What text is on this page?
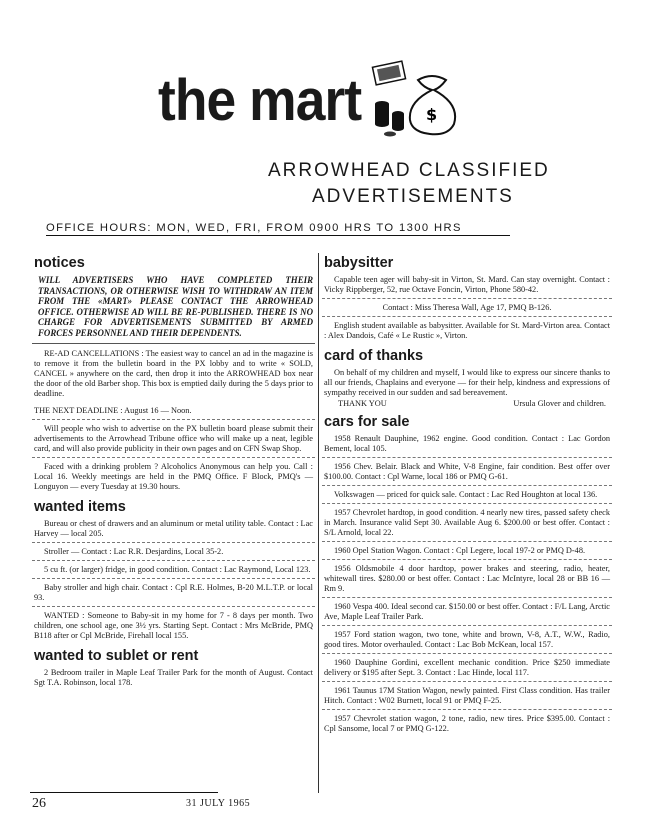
the mart	$
ARROWHEAD CLASSIFIED
ADVERTISEMENTS
OFFICE HOURS: MON, WED, FRI, FROM 0900 HRS TO 1300 HRS
notices
WILL ADVERTISERS WHO HAVE COMPLETED THEIR TRANSACTIONS, OR OTHERWISE WISH TO WITHDRAW AN ITEM FROM THE «MART» PLEASE CONTACT THE ARROWHEAD OFFICE. OTHERWISE AD WILL BE RE-PUBLISHED. THERE IS NO CHARGE FOR ADVERTISEMENTS SUBMITTED BY ARMED FORCES PERSONNEL AND THEIR DEPENDENTS.
RE-AD CANCELLATIONS : The easiest way to cancel an ad in the magazine is to remove it from the bulletin board in the PX lobby and to write « SOLD, CANCEL » anywhere on the card, then drop it into the ARROWHEAD box near the door of the old Barber shop. This box is emptied daily during the 5 days prior to deadline.
THE NEXT DEADLINE : August 16 — Noon.
Will people who wish to advertise on the PX bulletin board please submit their advertisements to the Arrowhead Tribune office who will make up a neat, legible card, and will also provide publicity in their own pages and on CFN Swap Shop.
Faced with a drinking problem ? Alcoholics Anonymous can help you. Call : Local 16. Weekly meetings are held in the PMQ Office. F Block, PMQ's — Longuyon — every Tuesday at 19.30 hours.
wanted items
Bureau or chest of drawers and an aluminum or metal utility table. Contact : Lac Harvey — local 205.
Stroller — Contact : Lac R.R. Desjardins, Local 35-2.
5 cu ft. (or larger) fridge, in good condition. Contact : Lac Raymond, Local 123.
Baby stroller and high chair. Contact : Cpl R.E. Holmes, B-20 M.L.T.P. or local 93.
WANTED : Someone to Baby-sit in my home for 7 - 8 days per month. Two children, one school age, one 3½ yrs. Starting Sept. Contact : Mrs McBride, PMQ B118 after or Cpl McBride, Firehall local 155.
wanted to sublet or rent
2 Bedroom trailer in Maple Leaf Trailer Park for the month of August. Contact Sgt T.A. Robinson, local 178.
babysitter
Capable teen ager will baby-sit in Virton, St. Mard. Can stay overnight. Contact : Vicky Rippberger, 52, rue Octave Foncin, Virton, Phone 580-42.
Contact : Miss Theresa Wall, Age 17, PMQ B-126.
English student available as babysitter. Available for St. Mard-Virton area. Contact : Alex Dandois, Café « Le Rustic », Virton.
card of thanks
On behalf of my children and myself, I would like to express our sincere thanks to all our friends, Chaplains and everyone — for their help, kindness and expressions of sympathy received in our sudden and sad bereavement.
THANK YOU	Ursula Glover and children.
cars for sale
1958 Renault Dauphine, 1962 engine. Good condition. Contact : Lac Gordon Bement, local 105.
1956 Chev. Belair. Black and White, V-8 Engine, fair condition. Best offer over $100.00. Contact : Cpl Warne, local 186 or PMQ G-61.
Volkswagen — priced for quick sale. Contact : Lac Red Houghton at local 136.
1957 Chevrolet hardtop, in good condition. 4 nearly new tires, passed safety check in March. Insurance valid Sept 30. Available Aug 6. $200.00 or best offer. Contact : S/L Arnold, local 22.
1960 Opel Station Wagon. Contact : Cpl Legere, local 197-2 or PMQ D-48.
1956 Oldsmobile 4 door hardtop, power brakes and steering, radio, heater, whitewall tires. $280.00 or best offer. Contact : Lac McIntyre, local 28 or BB 16 — Rm 9.
1960 Vespa 400. Ideal second car. $150.00 or best offer. Contact : F/L Lang, Arctic Ave, Maple Leaf Trailer Park.
1957 Ford station wagon, two tone, white and brown, V-8, A.T., W.W., Radio, good tires. Motor overhauled. Contact : Lac Bob McKean, local 157.
1960 Dauphine Gordini, excellent mechanic condition. Price $250 immediate delivery or $195 after Sept. 3. Contact : Lac Hinde, local 117.
1961 Taunus 17M Station Wagon, newly painted. First Class condition. Has trailer Hitch. Contact : W02 Burnett, local 91 or PMQ F-25.
1957 Chevrolet station wagon, 2 tone, radio, new tires. Price $395.00. Contact : Cpl Sansome, local 7 or PMQ G-122.
26	31 JULY 1965
